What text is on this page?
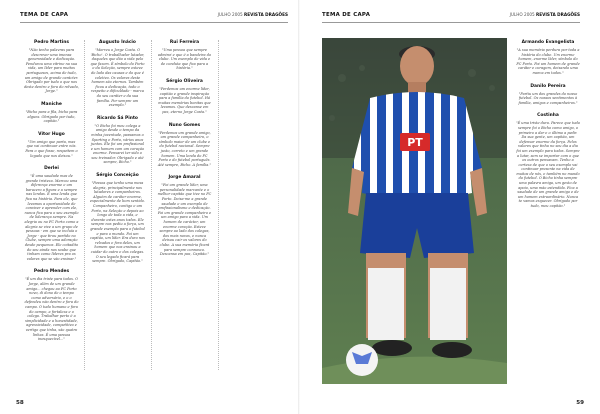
TEMA DE CAPA	JULHO 2005 REVISTA DRAGÕES
Pedro Martins
"Não tenho palavras para descrever uma imensa generosidade e dedicação. Pendurou uma vitrine na sua vida, um líder para muitos portugueses, acima de tudo, um amigo de grande carácter. Obrigado por tudo o que nos deste dentro e fora do relvado, Jorge."
Maniche
"Bicho para a fila, bicho para alguns. Obrigado por tudo, capitão."
Vítor Hugo
"Um amigo que parta, mas que vai continuar entre nós. Para o que fosse, respeitem o legado que nos deixou."
Derlei
"É uma saudade mas de grande tristeza. Marcou uma diferença enorme e um barazero a figura e a sempre nas lendas. É uma lenda que fica na história. Para ele, que levamos a oportunidade de conviver e aprender com ele, nunca fica para o seu exemplo de liderança sempre. Na alegria ou no FC Porto como a alegria se vive a um grupo de pessoas - em que se incluía o Jorge - que tirou partido no Clube, sempre uma adoração desde pequenos. Ele coitadito do seu ainda nos soube que tinham como líderes pra os valores que se vão ensinar."
Pedro Mendes
"É um dia triste para todos. O Jorge, além de um grande amigo... chegou ao FC Porto novo, di dono de o tempo como adversário, e o o defendeu não dentro e fora do campo. O tudo humano e fora do campo, a fortaleza e o colega. Trabalhar perto é a simplicidade e a honestidade, agressividade, competitivo e vertigo que tinha, são quatro linhas. É uma pessoa inesquecível..."
Augusto Inácio
"Morreu o Jorge Costa. O 'Bicho'. O trabalhador lutador, daqueles que dão a vida pelo que fazem. É símbolo do Porto e da Seleção, sempre esteve do lado das causas e do que é coletivo. Os valores deste homem são eternos. Também ficou a dedicação, todo o respeito e dificuldade - marca do seu caráter e da sua família. Por sempre um exemplo."
Ricardo Sá Pinto
"O Bicho foi meu colega a amigo desde o tempo da minha juventude, passamos o Sporting e Porto, vários anos juntos. Ele foi um profissional e um homem com um coração enorme. Pensarei ter sido o seu treinador. Obrigado e até sempre, Bicho."
Sérgio Conceição
"Pessoa que tenho uma mesa alegria, principalmente nos lutadores e companheiros. Alguém de caráter enorme, especialmente de bom sentido. Companheiro, contigo e um Porto, na Seleção e depois ao longo de toda a vida, e durante estes anos todos. Ele sempre nos pediu a força, um grande exemplo para o futebol e para o mundo. Foi um capitão, um líder. Era duro nos relvados e fora deles, um homem que nos ensinou a cuidar do outro e dos colegas. O seu legado ficará para sempre. Obrigado, Capitão."
Rui Ferreira
"Uma pessoa que sempre admirei e que é a bandeira do clube. Um exemplo de vida e de conduta que fica para a história."
Sérgio Oliveira
"Perdemos um enorme líder, capitão e grande inspiração para a família do futebol. Há muitas memórias bonitas que levamos. Que descanse em paz, eterno Jorge Costa."
Nuno Gomes
"Perdemos um grande amigo, um grande companheiro, o símbolo maior de um clube e do futebol nacional. Sempre justo, correto e um grande homem. Uma lenda do FC Porto e do futebol português. Até sempre, Bicho. A família."
Jorge Amaral
"Foi um grande líder, uma personalidade marcante e o melhor capitão que tive no FC Porto. Deixa-me a grande saudade e um exemplo de profissionalismo e dedicação. Foi um grande companheiro e um amigo para a vida. Um homem de carácter, um enorme coração. Esteve sempre ao lado dos colegas, dos mais novos, e nunca deixou cair os valores do clube. A sua memória ficará para sempre connosco. Descansa em paz, Capitão."
58
TEMA DE CAPA	JULHO 2005 REVISTA DRAGÕES
PT
Armando Evangelista
"A sua memória perdura por toda a história do clube. Um enorme homem, enorme líder, símbolo do FC Porto. Foi um homem de grande caráter e coragem, deixando uma marca em todos."
Danilo Pereira
"Partiu um dos grandes do nosso futebol. Os nossos sentimentos à família, amigos e companheiros."
Costinha
"É uma triste dura. Parece que tudo sempre foi o Bicho como amigo, o primeiro a dar e o último a pedir. Da sua gente, um capitão, um defensor enorme da força. Pelos valores que tinha no seu dia a dia foi um exemplo para todos. Sempre a lutar, sem se importar com o que os outros pensavam. Tenho a certeza de que o seu exemplo vai continuar presente na vida de muitos de nós, e também no mundo do futebol. O Bicho tinha sempre uma palavra amiga, um gesto de apoio, uma mão estendida. Fica a saudade de um grande amigo e de um homem extraordinário. Nunca te vamos esquecer. Obrigado por tudo, meu capitão."
59
